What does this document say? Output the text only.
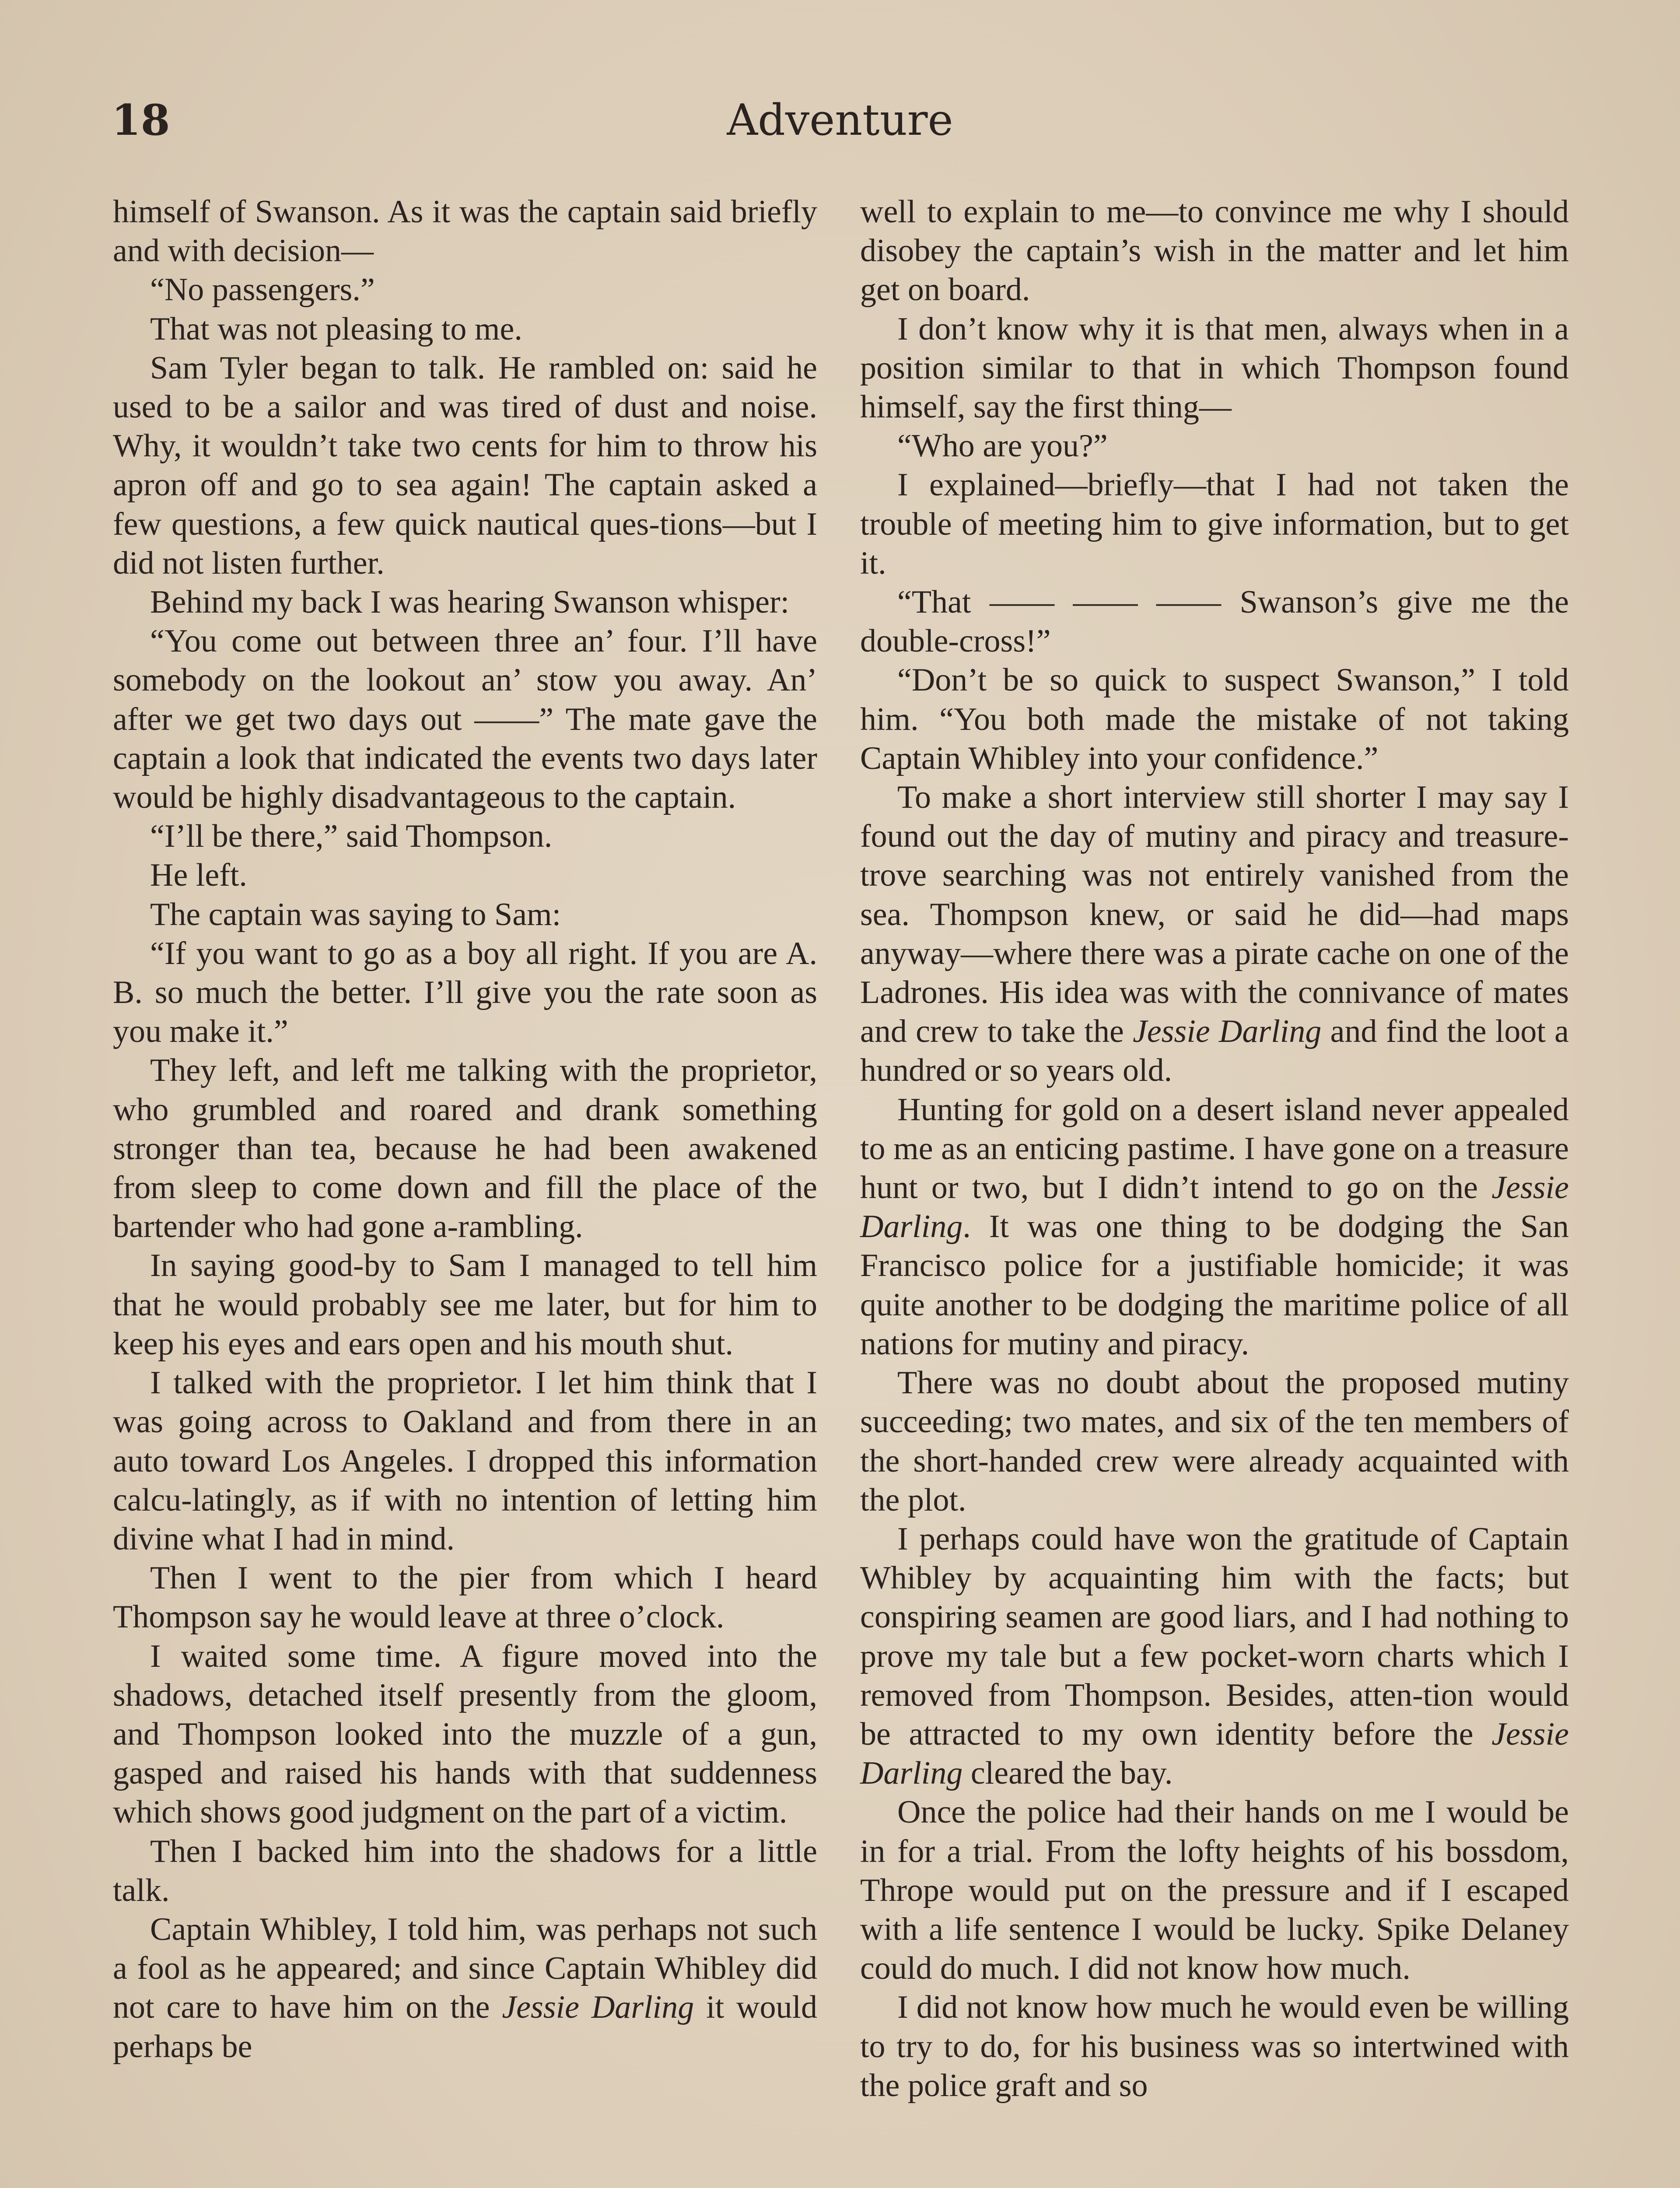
18	Adventure

himself of Swanson. As it was the captain said briefly and with decision—

“No passengers.”

That was not pleasing to me.

Sam Tyler began to talk. He rambled on: said he used to be a sailor and was tired of dust and noise. Why, it wouldn’t take two cents for him to throw his apron off and go to sea again! The captain asked a few questions, a few quick nautical ques-tions—but I did not listen further.

Behind my back I was hearing Swanson whisper:

“You come out between three an’ four. I’ll have somebody on the lookout an’ stow you away. An’ after we get two days out ——” The mate gave the captain a look that indicated the events two days later would be highly disadvantageous to the captain.

“I’ll be there,” said Thompson.

He left.

The captain was saying to Sam:

“If you want to go as a boy all right. If you are A. B. so much the better. I’ll give you the rate soon as you make it.”

They left, and left me talking with the proprietor, who grumbled and roared and drank something stronger than tea, because he had been awakened from sleep to come down and fill the place of the bartender who had gone a-rambling.

In saying good-by to Sam I managed to tell him that he would probably see me later, but for him to keep his eyes and ears open and his mouth shut.

I talked with the proprietor. I let him think that I was going across to Oakland and from there in an auto toward Los Angeles. I dropped this information calcu-latingly, as if with no intention of letting him divine what I had in mind.

Then I went to the pier from which I heard Thompson say he would leave at three o’clock.

I waited some time. A figure moved into the shadows, detached itself presently from the gloom, and Thompson looked into the muzzle of a gun, gasped and raised his hands with that suddenness which shows good judgment on the part of a victim.

Then I backed him into the shadows for a little talk.

Captain Whibley, I told him, was perhaps not such a fool as he appeared; and since Captain Whibley did not care to have him on the Jessie Darling it would perhaps be

well to explain to me—to convince me why I should disobey the captain’s wish in the matter and let him get on board.

I don’t know why it is that men, always when in a position similar to that in which Thompson found himself, say the first thing—

“Who are you?”

I explained—briefly—that I had not taken the trouble of meeting him to give information, but to get it.

“That —— —— —— Swanson’s give me the double-cross!”

“Don’t be so quick to suspect Swanson,” I told him. “You both made the mistake of not taking Captain Whibley into your confidence.”

To make a short interview still shorter I may say I found out the day of mutiny and piracy and treasure-trove searching was not entirely vanished from the sea. Thompson knew, or said he did—had maps anyway—where there was a pirate cache on one of the Ladrones. His idea was with the connivance of mates and crew to take the Jessie Darling and find the loot a hundred or so years old.

Hunting for gold on a desert island never appealed to me as an enticing pastime. I have gone on a treasure hunt or two, but I didn’t intend to go on the Jessie Darling. It was one thing to be dodging the San Francisco police for a justifiable homicide; it was quite another to be dodging the maritime police of all nations for mutiny and piracy.

There was no doubt about the proposed mutiny succeeding; two mates, and six of the ten members of the short-handed crew were already acquainted with the plot.

I perhaps could have won the gratitude of Captain Whibley by acquainting him with the facts; but conspiring seamen are good liars, and I had nothing to prove my tale but a few pocket-worn charts which I removed from Thompson. Besides, atten-tion would be attracted to my own identity before the Jessie Darling cleared the bay.

Once the police had their hands on me I would be in for a trial. From the lofty heights of his bossdom, Thrope would put on the pressure and if I escaped with a life sentence I would be lucky. Spike Delaney could do much. I did not know how much.

I did not know how much he would even be willing to try to do, for his business was so intertwined with the police graft and so
